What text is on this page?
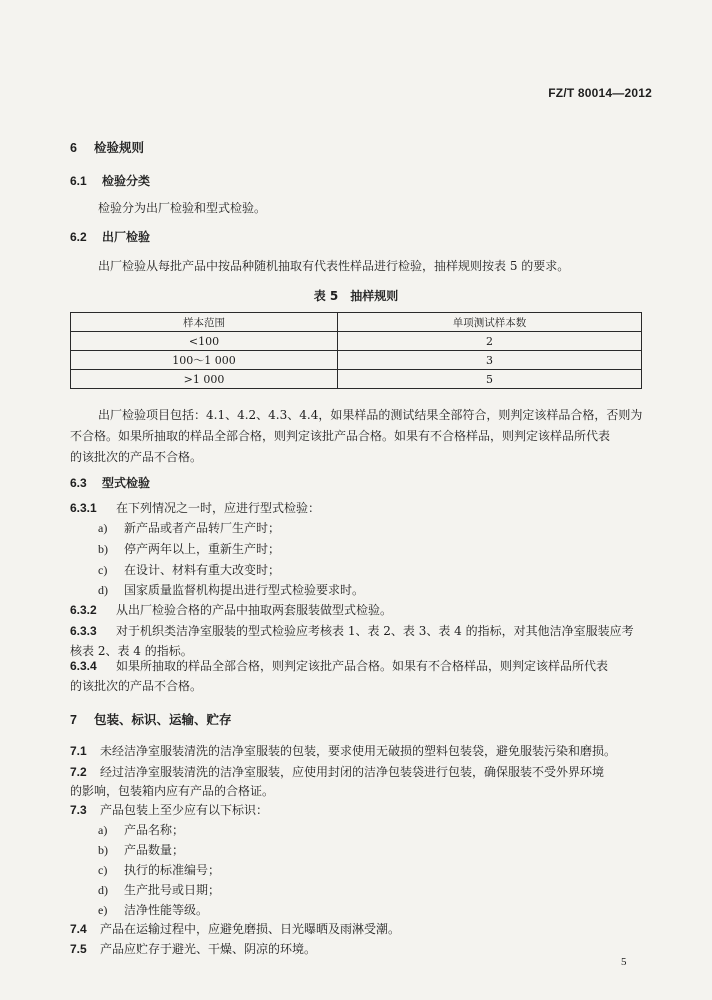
FZ/T 80014—2012
6 检验规则
6.1 检验分类
检验分为出厂检验和型式检验。
6.2 出厂检验
出厂检验从每批产品中按品种随机抽取有代表性样品进行检验，抽样规则按表 5 的要求。
表 5　抽样规则
样本范围	单项测试样本数
<100	2
100～1 000	3
>1 000	5
出厂检验项目包括：4.1、4.2、4.3、4.4，如果样品的测试结果全部符合，则判定该样品合格，否则为
不合格。如果所抽取的样品全部合格，则判定该批产品合格。如果有不合格样品，则判定该样品所代表
的该批次的产品不合格。
6.3 型式检验
6.3.1 在下列情况之一时，应进行型式检验：
a) 新产品或者产品转厂生产时；
b) 停产两年以上，重新生产时；
c) 在设计、材料有重大改变时；
d) 国家质量监督机构提出进行型式检验要求时。
6.3.2 从出厂检验合格的产品中抽取两套服装做型式检验。
6.3.3 对于机织类洁净室服装的型式检验应考核表 1、表 2、表 3、表 4 的指标，对其他洁净室服装应考
核表 2、表 4 的指标。
6.3.4 如果所抽取的样品全部合格，则判定该批产品合格。如果有不合格样品，则判定该样品所代表
的该批次的产品不合格。
7 包装、标识、运输、贮存
7.1 未经洁净室服装清洗的洁净室服装的包装，要求使用无破损的塑料包装袋，避免服装污染和磨损。
7.2 经过洁净室服装清洗的洁净室服装，应使用封闭的洁净包装袋进行包装，确保服装不受外界环境
的影响，包装箱内应有产品的合格证。
7.3 产品包装上至少应有以下标识：
a) 产品名称；
b) 产品数量；
c) 执行的标准编号；
d) 生产批号或日期；
e) 洁净性能等级。
7.4 产品在运输过程中，应避免磨损、日光曝晒及雨淋受潮。
7.5 产品应贮存于避光、干燥、阴凉的环境。
5
